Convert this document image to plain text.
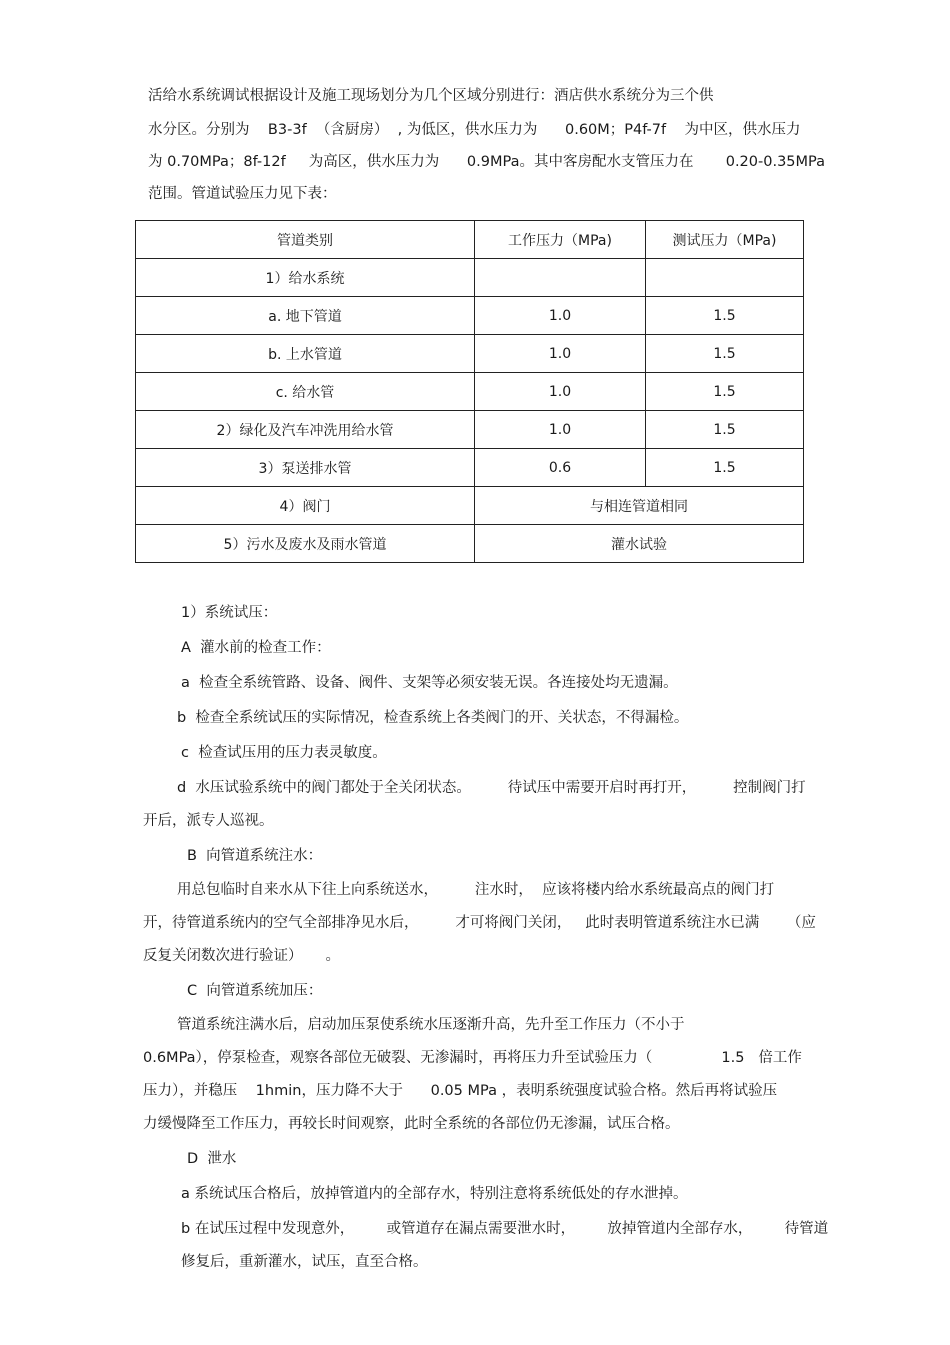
活给水系统调试根据设计及施工现场划分为几个区域分别进行：酒店供水系统分为三个供
水分区。分别为    B3-3f  （含厨房）  , 为低区，供水压力为      0.60M；P4f-7f    为中区，供水压力
为 0.70MPa；8f-12f     为高区，供水压力为      0.9MPa。其中客房配水支管压力在       0.20-0.35MPa
范围。管道试验压力见下表：
管道类别	工作压力（MPa)	测试压力（MPa)
1）给水系统		
a. 地下管道	1.0	1.5
b. 上水管道	1.0	1.5
c. 给水管	1.0	1.5
2）绿化及汽车冲洗用给水管	1.0	1.5
3）泵送排水管	0.6	1.5
4）阀门	与相连管道相同	
5）污水及废水及雨水管道	灌水试验	
1）系统试压：
A  灌水前的检查工作：
a  检查全系统管路、设备、阀件、支架等必须安装无误。各连接处均无遗漏。
b  检查全系统试压的实际情况，检查系统上各类阀门的开、关状态，不得漏检。
c  检查试压用的压力表灵敏度。
d  水压试验系统中的阀门都处于全关闭状态。        待试压中需要开启时再打开，        控制阀门打
开后，派专人巡视。
B  向管道系统注水：
用总包临时自来水从下往上向系统送水，        注水时，  应该将楼内给水系统最高点的阀门打
开，待管道系统内的空气全部排净见水后，        才可将阀门关闭，   此时表明管道系统注水已满      （应
反复关闭数次进行验证）     。
C  向管道系统加压：
管道系统注满水后，启动加压泵使系统水压逐渐升高，先升至工作压力（不小于
0.6MPa），停泵检查，观察各部位无破裂、无渗漏时，再将压力升至试验压力（               1.5   倍工作
压力），并稳压    1hmin，压力降不大于      0.05 MPa ，表明系统强度试验合格。然后再将试验压
力缓慢降至工作压力，再较长时间观察，此时全系统的各部位仍无渗漏，试压合格。
D  泄水
a 系统试压合格后，放掉管道内的全部存水，特别注意将系统低处的存水泄掉。
b 在试压过程中发现意外，       或管道存在漏点需要泄水时，       放掉管道内全部存水，       待管道
修复后，重新灌水，试压，直至合格。
